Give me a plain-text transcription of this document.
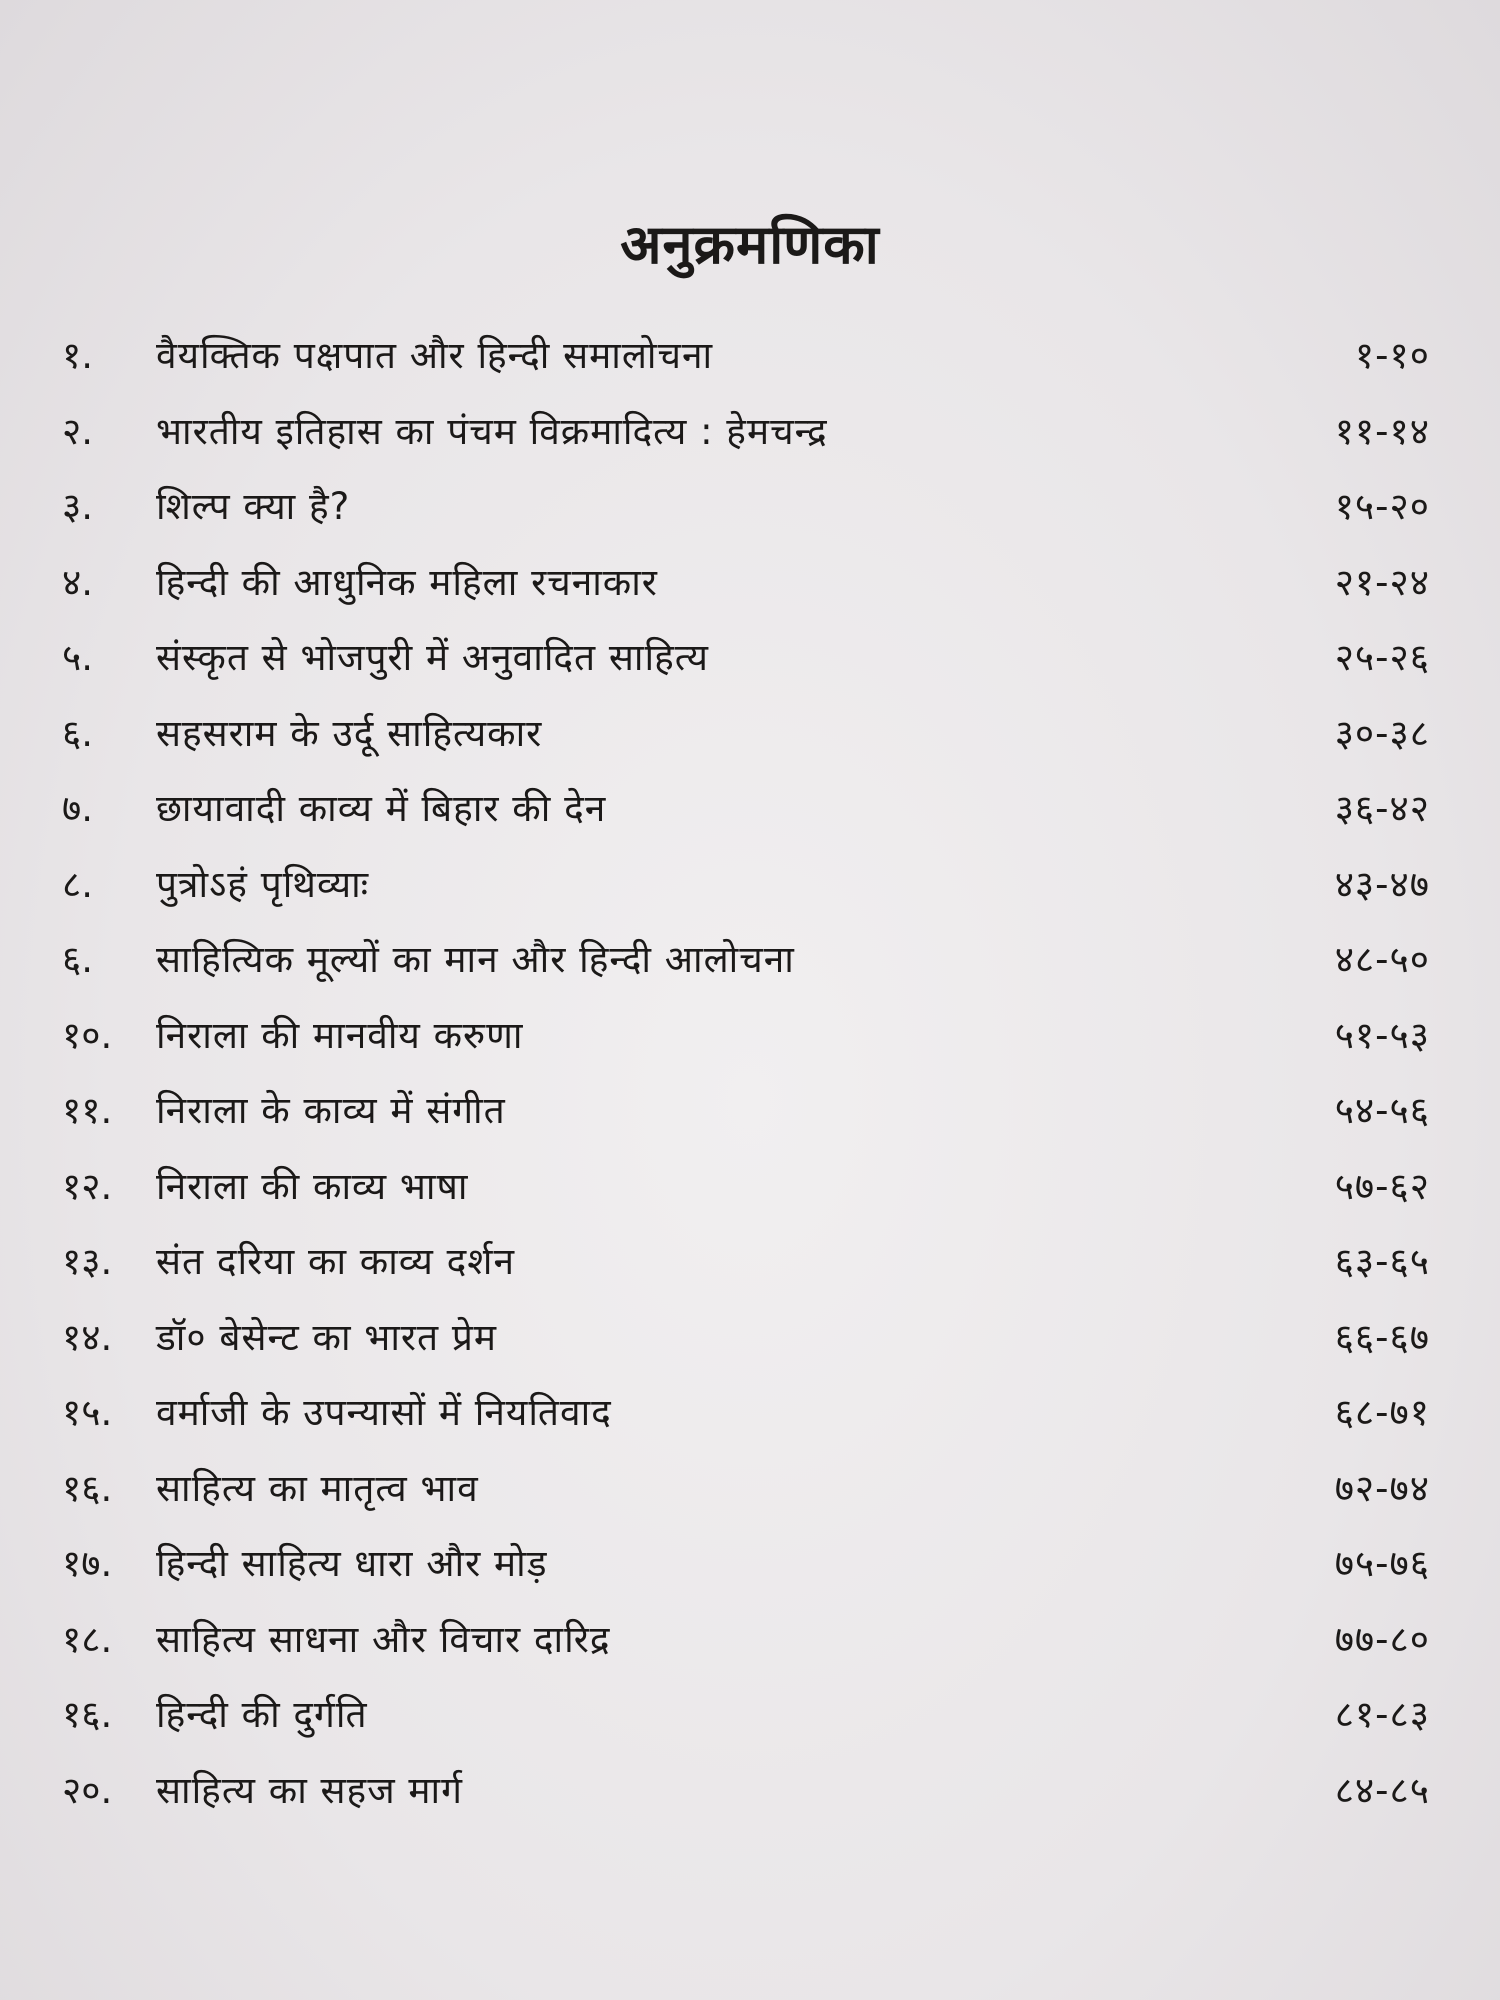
अनुक्रमणिका
१.	वैयक्तिक पक्षपात और हिन्दी समालोचना	१-१०
२.	भारतीय इतिहास का पंचम विक्रमादित्य : हेमचन्द्र	११-१४
३.	शिल्प क्या है?	१५-२०
४.	हिन्दी की आधुनिक महिला रचनाकार	२१-२४
५.	संस्कृत से भोजपुरी में अनुवादित साहित्य	२५-२६
६.	सहसराम के उर्दू साहित्यकार	३०-३८
७.	छायावादी काव्य में बिहार की देन	३६-४२
८.	पुत्रोऽहं पृथिव्याः	४३-४७
६.	साहित्यिक मूल्यों का मान और हिन्दी आलोचना	४८-५०
१०.	निराला की मानवीय करुणा	५१-५३
११.	निराला के काव्य में संगीत	५४-५६
१२.	निराला की काव्य भाषा	५७-६२
१३.	संत दरिया का काव्य दर्शन	६३-६५
१४.	डॉ० बेसेन्ट का भारत प्रेम	६६-६७
१५.	वर्माजी के उपन्यासों में नियतिवाद	६८-७१
१६.	साहित्य का मातृत्व भाव	७२-७४
१७.	हिन्दी साहित्य धारा और मोड़	७५-७६
१८.	साहित्य साधना और विचार दारिद्र	७७-८०
१६.	हिन्दी की दुर्गति	८१-८३
२०.	साहित्य का सहज मार्ग	८४-८५
